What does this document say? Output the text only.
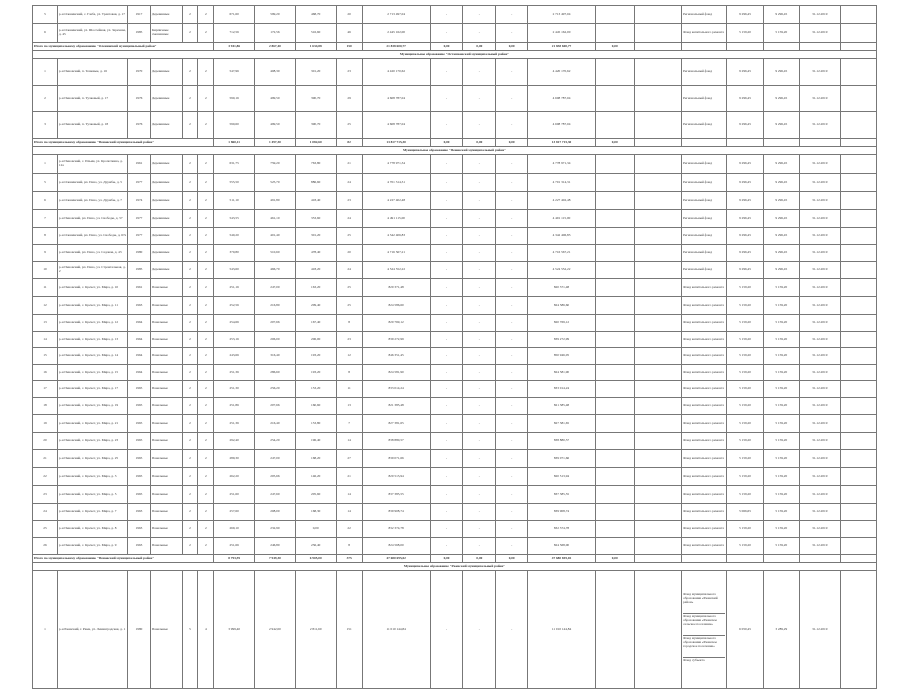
5	р-н Оленинский, с. Глеба, ул. Трактовая, д. 17	1917	Деревянные	2	2	671,60	599,20	468,70	20	2 713 497,04	-	-	-	2 713 497,04			Региональный фонд	9 296,45	9 296,45	31.12.2019	
6	р-н Оленинский, ул. Шоссейная, ул. Заречная, д. 45	1985	Кирпичные смешанные	2	2	712,56	172,56	516,60	46	2 445 162,00	-	-	-	2 445 162,00			Фонд капитального ремонта	5 159,20	5 159,20	31.12.2019	
Итого по муниципальному образованию "Оленинский муниципальный район"						3 941,86	2 867,40	1 634,88	150	21 838 600,77	0,00	0,00	0,00	21 838 600,77	0,00						
Муниципальное образование "Осташковский муниципальный район"																					
1	р-н Пеновский, п. Тешевые, д. 16	1970	Деревянные	2	2	547,96	408,30	301,20	23	4 420 170,62	-	-	-	4 420 170,62			Региональный фонд	9 296,45	9 296,45	31.12.2019	
2	р-н Пеновский, п. Тучковый, д. 17	1976	Деревянные	2	2	590,16	499,50	390,70	29	4 608 787,04	-	-	-	4 608 787,04			Региональный фонд	9 296,45	9 296,45	31.12.2019	
3	р-н Пеновский, п. Тучковый, д. 18	1976	Деревянные	2	2	590,60	499,50	390,70	25	4 608 787,04	-	-	-	4 608 787,04			Региональный фонд	9 296,45	9 296,45	31.12.2019	
Итого по муниципальному образованию "Пеновский муниципальный район"						1 860,11	1 497,30	1 082,60	82	13 817 715,30	0,00	0,00	0,00	13 817 715,30	0,00						
Муниципальное образование "Пеновский муниципальный район"																					
1	р-н Пеновский, с. Ильин, ул. Кропоткина, д. 12а	1961	Деревянные	2	2	631,75	759,20	763,80	21	4 778 971,34	-	-	-	4 778 971,34			Региональный фонд	9 296,45	9 296,45	31.12.2019	
5	р-н Оленинский, рп. Пено, ул. Дружбы, д. 5	1977	Деревянные	2	2	555,50	525,70	886,60	24	4 701 314,31	-	-	-	4 701 314,31			Региональный фонд	9 296,45	9 296,45	31.12.2019	
6	р-н Оленинский, рп. Пено, ул. Дружбы, д. 7	1974	Деревянные	2	2	511,10	491,80	418,40	23	4 227 402,48	-	-	-	4 227 402,48			Региональный фонд	9 296,45	9 296,45	31.12.2019	
7	р-н Пеновский, рп. Пено, ул. Свободы, д. 57	1977	Деревянные	2	2	543,55	461,10	353,60	24	4 491 115,00	-	-	-	4 491 115,00			Региональный фонд	9 296,45	9 296,45	31.12.2019	
8	р-н Оленинский, рп. Пено, ул. Свободы, д. 67а	1977	Деревянные	2	2	540,20	401,40	301,20	25	4 342 406,83	-	-	-	4 342 406,83			Региональный фонд	9 296,45	9 296,45	31.12.2019	
9	р-н Пеновский, рп. Пено, ул. Садовая, д. 43	1980	Деревянные	2	2	370,80	510,60	478,40	20	4 716 567,21	-	-	-	4 716 567,21			Региональный фонд	9 296,45	9 296,45	31.12.2019	
10	р-н Пеновский, рп. Пено, ул. Строительная, д. 2	1985	Деревянные	2	2	543,60	466,70	418,20	24	4 524 552,22	-	-	-	4 524 552,22			Региональный фонд	9 296,45	9 296,45	31.12.2019	
11	р-н Пеновский, с. Кречет, ул. Мира, д. 10	1961	Панельные	2	2	251,16	247,00	163,20	25	820 371,48	-	-	-	820 371,48			Фонд капитального ремонта	5 159,20	5 159,20	31.12.2019	
12	р-н Пеновский, с. Кречет, ул. Мира, д. 11	1963	Панельные	2	2	252,56	216,80	209,40	25	824 586,60	-	-	-	824 586,60			Фонд капитального ремонта	5 159,20	5 159,20	31.12.2019	
13	р-н Пеновский, с. Кречет, ул. Мира, д. 12	1964	Панельные	2	2	254,66	207,66	167,40	8	820 769,12	-	-	-	820 769,12			Фонд капитального ремонта	5 159,20	5 159,20	31.12.2019	
14	р-н Пеновский, с. Кречет, ул. Мира, д. 13	1964	Панельные	2	2	253,16	206,00	206,00	23	839 272,99	-	-	-	839 272,99			Фонд капитального ремонта	5 159,20	5 159,20	31.12.2019	
15	р-н Пеновский, с. Кречет, ул. Мира, д. 14	1964	Панельные	2	2	243,66	316,40	193,20	12	846 351,45	-	-	-	850 946,05			Фонд капитального ремонта	5 159,20	5 159,20	31.12.2019	
16	р-н Пеновский, с. Кречет, ул. Мира, д. 15	1964	Панельные	2	2	251,36	286,60	193,20	8	824 581,90	-	-	-	824 581,90			Фонд капитального ремонта	5 159,20	5 159,20	31.12.2019	
17	р-н Пеновский, с. Кречет, ул. Мира, д. 17	1965	Панельные	2	2	251,30	256,20	153,20	11	833 014,24	-	-	-	833 014,24			Фонд капитального ремонта	5 159,20	5 159,20	31.12.2019	
18	р-н Пеновский, с. Кречет, ул. Мира, д. 19	1965	Панельные	2	2	251,86	207,66	160,60	13	821 385,48	-	-	-	821 385,48			Фонд капитального ремонта	5 159,20	5 159,20	31.12.2019	
19	р-н Пеновский, с. Кречет, ул. Мира, д. 21	1965	Панельные	2	2	251,36	216,40	153,80	7	827 381,65	-	-	-	827 381,65			Фонд капитального ремонта	5 159,20	5 159,20	31.12.2019	
20	р-н Пеновский, с. Кречет, ул. Мира, д. 23	1965	Панельные	2	2	292,40	254,20	196,40	14	838 880,57	-	-	-	838 880,57			Фонд капитального ремонта	5 159,20	5 159,20	31.12.2019	
21	р-н Пеновский, с. Кречет, ул. Мира, д. 25	1965	Панельные	2	2	289,30	247,00	168,20	27	839 071,66	-	-	-	839 071,66			Фонд капитального ремонта	5 159,20	5 159,20	31.12.2019	
22	р-н Пеновский, с. Кречет, ул. Мира, д. 3	1965	Панельные	2	2	262,20	205,66	146,20	21	820 513,94	-	-	-	820 513,94			Фонд капитального ремонта	5 159,20	5 159,20	31.12.2019	
23	р-н Пеновский, с. Кречет, ул. Мира, д. 5	1965	Панельные	2	2	251,60	247,60	205,60	14	837 385,55	-	-	-	837 385,55			Фонд капитального ремонта	5 159,20	5 159,20	31.12.2019	
24	р-н Пеновский, с. Кречет, ул. Мира, д. 7	1963	Панельные	2	2	257,60	208,00	168,30	14	839 908,74	-	-	-	839 908,74			Фонд капитального ремонта	5 066,65	5 159,20	31.12.2019	
25	р-н Пеновский, с. Кречет, ул. Мира, д. 8	1963	Панельные	2	2	269,10	232,90	0,00	22	832 374,78	-	-	-	832 374,78			Фонд капитального ремонта	5 159,20	5 159,20	31.12.2019	
26	р-н Пеновский, с. Кречет, ул. Мира, д. 9	1963	Панельные	2	2	251,66	246,80	236,40	8	824 568,00	-	-	-	824 568,00			Фонд капитального ремонта	5 159,20	5 159,20	31.12.2019	
Итого по муниципальному образованию "Пеновский муниципальный район"						8 793,59	7 949,30	6 905,00	375	47 680 695,02	0,00	0,00	0,00	47 680 695,02	0,00						
Муниципальное образование "Ржевский муниципальный район"																					
1	р-н Ржевский, г. Ржев, ул. Ленинградская, д. 1	1980	Панельные	5	4	3 999,40	2 942,00	2 811,60	151	11 010 144,84	-	-	-	11 010 144,84			Фонд муниципального образования «Ржевский район»
Фонд муниципального образования «Ржевское сельское поселение»
Фонд муниципального образования «Ржевское городское поселение»
Фонд субъекта	6 050,45	3 289,29	31.12.2019	
